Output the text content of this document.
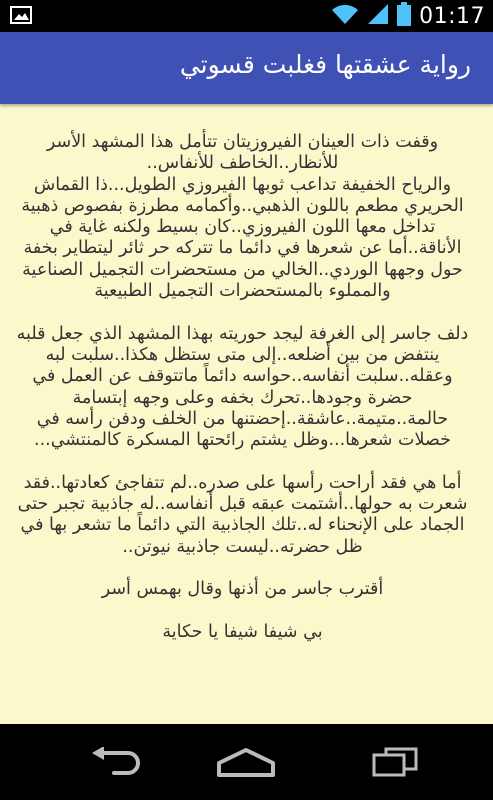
01:17
رواية عشقتها فغلبت قسوتي

وقفت ذات العينان الفيروزيتان تتأمل هذا المشهد الأسر للأنظار..الخاطف للأنفاس..
والرياح الخفيفة تداعب ثوبها الفيروزي الطويل...ذا القماش الحريري مطعم باللون الذهبي..وأكمامه مطرزة بفصوص ذهبية تداخل معها اللون الفيروزي..كان بسيط ولكنه غاية في الأناقة..أما عن شعرها في دائما ما تتركه حر ثائر ليتطاير بخفة حول وجهها الوردي..الخالي من مستحضرات التجميل الصناعية والمملوء بالمستحضرات التجميل الطبيعية

دلف جاسر إلى الغرفة ليجد حوريته بهذا المشهد الذي جعل قلبه ينتفض من بين أضلعه..إلى متى ستظل هكذا..سلبت لبه وعقله..سلبت أنفاسه..حواسه دائماً ماتتوقف عن العمل في حضرة وجودها..تحرك بخفه وعلى وجهه إبتسامة حالمة..متيمة..عاشقة..إحضتنها من الخلف ودفن رأسه في خصلات شعرها...وظل يشتم رائحتها المسكرة كالمنتشي...

أما هي فقد أراحت رأسها على صدره..لم تتفاجئ كعادتها..فقد شعرت به حولها..أشتمت عبقه قبل أنفاسه..له جاذبية تجبر حتى الجماد على الإنحناء له..تلك الجاذبية التي دائماً ما تشعر بها في ظل حضرته..ليست جاذبية نيوتن..

أقترب جاسر من أذنها وقال بهمس أسر

بي شيفا شيفا يا حكاية
